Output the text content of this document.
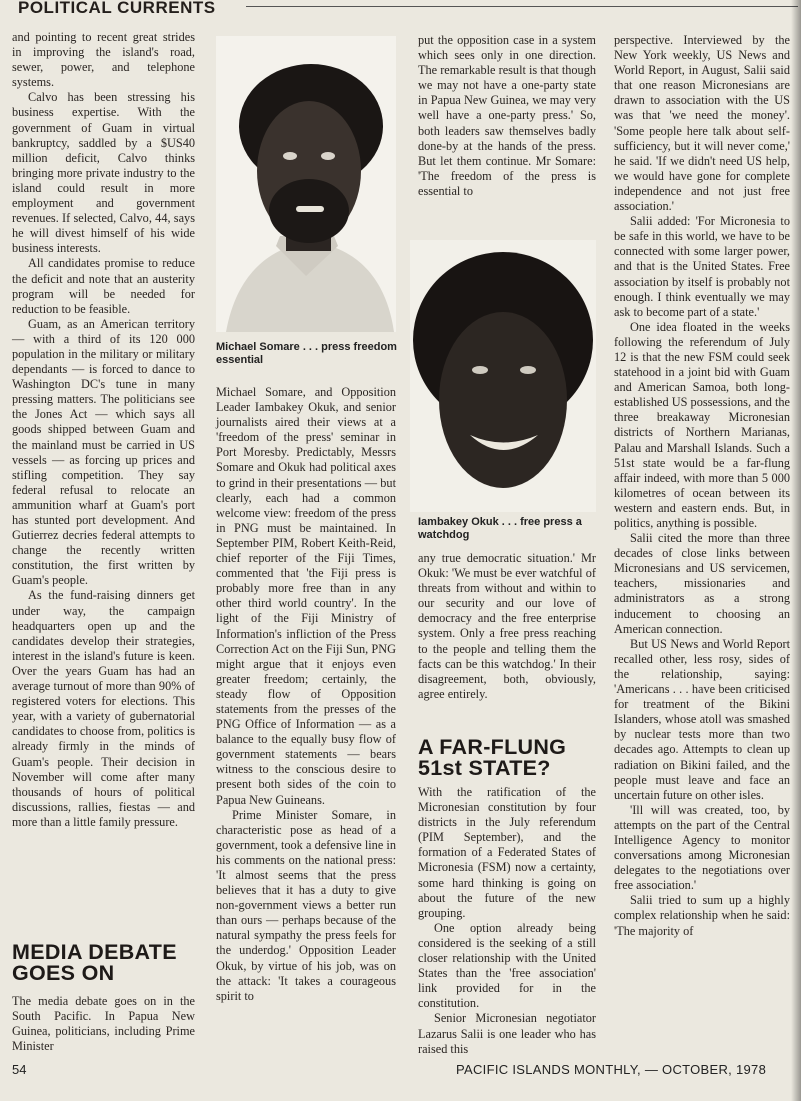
POLITICAL CURRENTS

and pointing to recent great strides in improving the island's road, sewer, power, and telephone systems.

Calvo has been stressing his business expertise. With the government of Guam in virtual bankruptcy, saddled by a $US40 million deficit, Calvo thinks bringing more private industry to the island could result in more employment and government revenues. If selected, Calvo, 44, says he will divest himself of his wide business interests.

All candidates promise to reduce the deficit and note that an austerity program will be needed for reduction to be feasible.

Guam, as an American territory — with a third of its 120 000 population in the military or military dependants — is forced to dance to Washington DC's tune in many pressing matters. The politicians see the Jones Act — which says all goods shipped between Guam and the mainland must be carried in US vessels — as forcing up prices and stifling competition. They say federal refusal to relocate an ammunition wharf at Guam's port has stunted port development. And Gutierrez decries federal attempts to change the recently written constitution, the first written by Guam's people.

As the fund-raising dinners get under way, the campaign headquarters open up and the candidates develop their strategies, interest in the island's future is keen. Over the years Guam has had an average turnout of more than 90% of registered voters for elections. This year, with a variety of gubernatorial candidates to choose from, politics is already firmly in the minds of Guam's people. Their decision in November will come after many thousands of hours of political discussions, rallies, fiestas — and more than a little family pressure.

MEDIA DEBATE GOES ON

The media debate goes on in the South Pacific. In Papua New Guinea, politicians, including Prime Minister

Michael Somare . . . press freedom essential

Michael Somare, and Opposition Leader Iambakey Okuk, and senior journalists aired their views at a 'freedom of the press' seminar in Port Moresby. Predictably, Messrs Somare and Okuk had political axes to grind in their presentations — but clearly, each had a common welcome view: freedom of the press in PNG must be maintained. In September PIM, Robert Keith-Reid, chief reporter of the Fiji Times, commented that 'the Fiji press is probably more free than in any other third world country'. In the light of the Fiji Ministry of Information's infliction of the Press Correction Act on the Fiji Sun, PNG might argue that it enjoys even greater freedom; certainly, the steady flow of Opposition statements from the presses of the PNG Office of Information — as a balance to the equally busy flow of government statements — bears witness to the conscious desire to present both sides of the coin to Papua New Guineans.

Prime Minister Somare, in characteristic pose as head of a government, took a defensive line in his comments on the national press: 'It almost seems that the press believes that it has a duty to give non-government views a better run than ours — perhaps because of the natural sympathy the press feels for the underdog.' Opposition Leader Okuk, by virtue of his job, was on the attack: 'It takes a courageous spirit to

put the opposition case in a system which sees only in one direction. The remarkable result is that though we may not have a one-party state in Papua New Guinea, we may very well have a one-party press.' So, both leaders saw themselves badly done-by at the hands of the press. But let them continue. Mr Somare: 'The freedom of the press is essential to

Iambakey Okuk . . . free press a watchdog

any true democratic situation.' Mr Okuk: 'We must be ever watchful of threats from without and within to our security and our love of democracy and the free enterprise system. Only a free press reaching to the people and telling them the facts can be this watchdog.' In their disagreement, both, obviously, agree entirely.

A FAR-FLUNG 51st STATE?

With the ratification of the Micronesian constitution by four districts in the July referendum (PIM September), and the formation of a Federated States of Micronesia (FSM) now a certainty, some hard thinking is going on about the future of the new grouping.

One option already being considered is the seeking of a still closer relationship with the United States than the 'free association' link provided for in the constitution.

Senior Micronesian negotiator Lazarus Salii is one leader who has raised this

perspective. Interviewed by the New York weekly, US News and World Report, in August, Salii said that one reason Micronesians are drawn to association with the US was that 'we need the money'. 'Some people here talk about self-sufficiency, but it will never come,' he said. 'If we didn't need US help, we would have gone for complete independence and not just free association.'

Salii added: 'For Micronesia to be safe in this world, we have to be connected with some larger power, and that is the United States. Free association by itself is probably not enough. I think eventually we may ask to become part of a state.'

One idea floated in the weeks following the referendum of July 12 is that the new FSM could seek statehood in a joint bid with Guam and American Samoa, both long-established US possessions, and the three breakaway Micronesian districts of Northern Marianas, Palau and Marshall Islands. Such a 51st state would be a far-flung affair indeed, with more than 5 000 kilometres of ocean between its western and eastern ends. But, in politics, anything is possible.

Salii cited the more than three decades of close links between Micronesians and US servicemen, teachers, missionaries and administrators as a strong inducement to choosing an American connection.

But US News and World Report recalled other, less rosy, sides of the relationship, saying: 'Americans . . . have been criticised for treatment of the Bikini Islanders, whose atoll was smashed by nuclear tests more than two decades ago. Attempts to clean up radiation on Bikini failed, and the people must leave and face an uncertain future on other isles.

'Ill will was created, too, by attempts on the part of the Central Intelligence Agency to monitor conversations among Micronesian delegates to the negotiations over free association.'

Salii tried to sum up a highly complex relationship when he said: 'The majority of

54	PACIFIC ISLANDS MONTHLY, — OCTOBER, 1978
